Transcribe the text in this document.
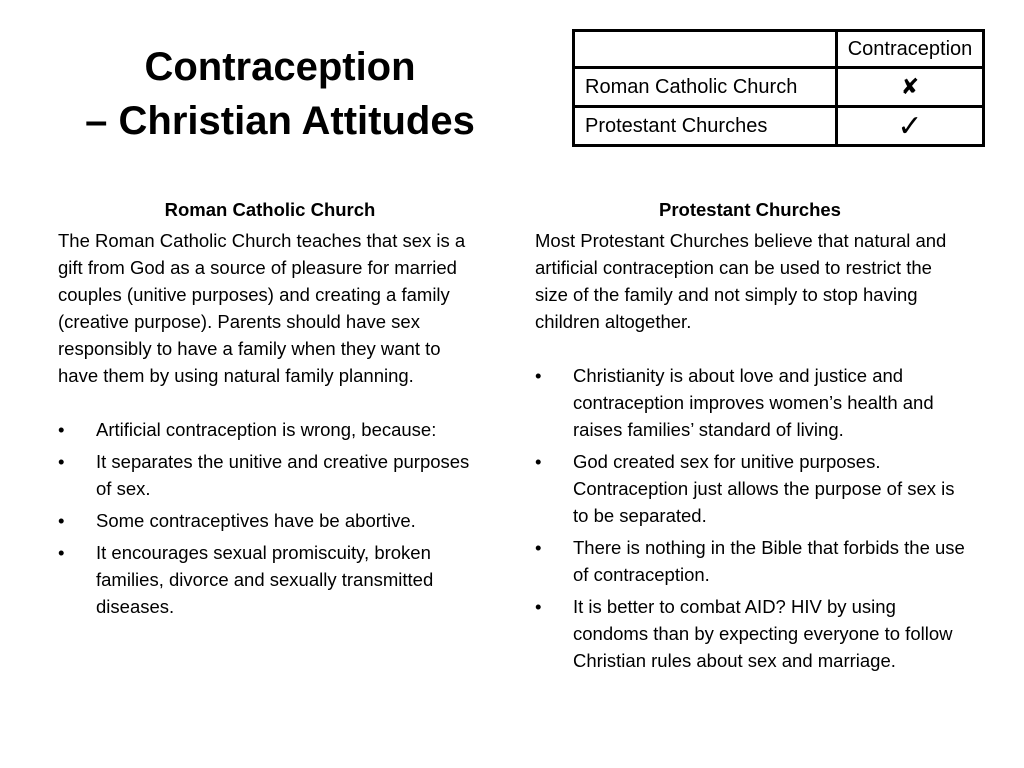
Contraception
– Christian Attitudes
	Contraception
Roman Catholic Church	✘
Protestant Churches	✓
Roman Catholic Church

The Roman Catholic Church teaches that sex is a gift from God as a source of pleasure for married couples (unitive purposes) and creating a family (creative purpose). Parents should have sex responsibly to have a family when they want to have them by using natural family planning.

• Artificial contraception is wrong, because:
• It separates the unitive and creative purposes of sex.
• Some contraceptives have be abortive.
• It encourages sexual promiscuity, broken families, divorce and sexually transmitted diseases.
Protestant Churches

Most Protestant Churches believe that natural and artificial contraception can be used to restrict the size of the family and not simply to stop having children altogether.

• Christianity is about love and justice and contraception improves women’s health and raises families’ standard of living.
• God created sex for unitive purposes. Contraception just allows the purpose of sex is to be separated.
• There is nothing in the Bible that forbids the use of contraception.
• It is better to combat AID? HIV by using condoms than by expecting everyone to follow Christian rules about sex and marriage.
